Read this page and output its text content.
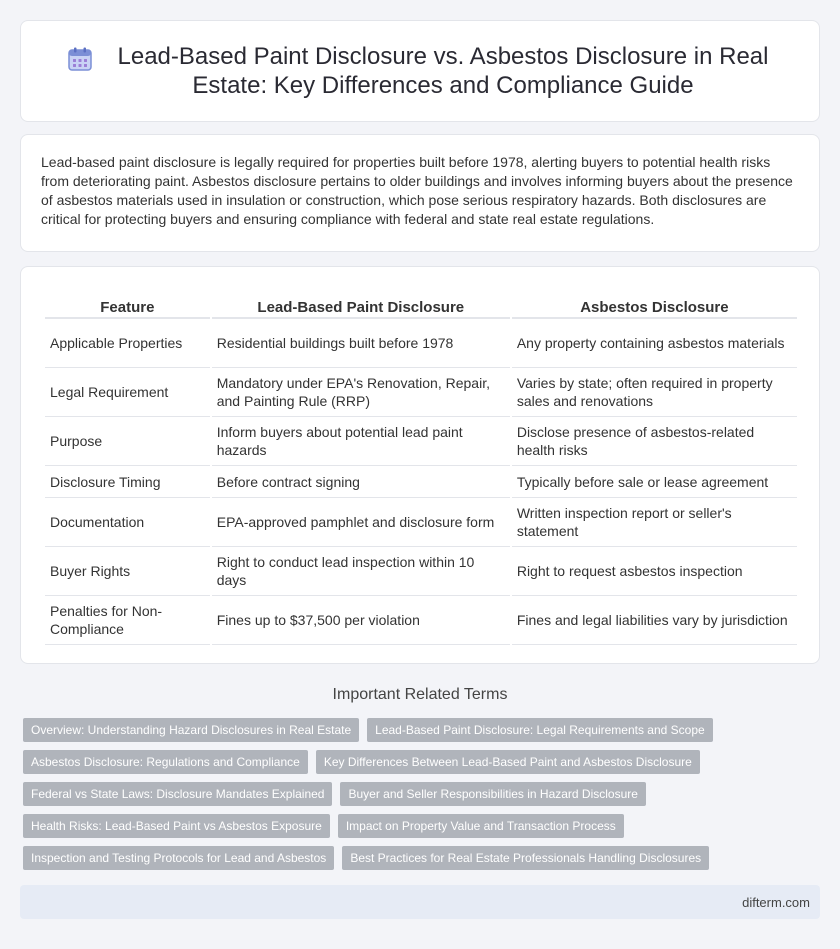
Lead-Based Paint Disclosure vs. Asbestos Disclosure in Real Estate: Key Differences and Compliance Guide

Lead-based paint disclosure is legally required for properties built before 1978, alerting buyers to potential health risks from deteriorating paint. Asbestos disclosure pertains to older buildings and involves informing buyers about the presence of asbestos materials used in insulation or construction, which pose serious respiratory hazards. Both disclosures are critical for protecting buyers and ensuring compliance with federal and state real estate regulations.

Feature	Lead-Based Paint Disclosure	Asbestos Disclosure
Applicable Properties	Residential buildings built before 1978	Any property containing asbestos materials
Legal Requirement	Mandatory under EPA's Renovation, Repair, and Painting Rule (RRP)	Varies by state; often required in property sales and renovations
Purpose	Inform buyers about potential lead paint hazards	Disclose presence of asbestos-related health risks
Disclosure Timing	Before contract signing	Typically before sale or lease agreement
Documentation	EPA-approved pamphlet and disclosure form	Written inspection report or seller's statement
Buyer Rights	Right to conduct lead inspection within 10 days	Right to request asbestos inspection
Penalties for Non-Compliance	Fines up to $37,500 per violation	Fines and legal liabilities vary by jurisdiction
Important Related Terms
Overview: Understanding Hazard Disclosures in Real Estate	Lead-Based Paint Disclosure: Legal Requirements and Scope
Asbestos Disclosure: Regulations and Compliance	Key Differences Between Lead-Based Paint and Asbestos Disclosure
Federal vs State Laws: Disclosure Mandates Explained	Buyer and Seller Responsibilities in Hazard Disclosure
Health Risks: Lead-Based Paint vs Asbestos Exposure	Impact on Property Value and Transaction Process
Inspection and Testing Protocols for Lead and Asbestos	Best Practices for Real Estate Professionals Handling Disclosures
difterm.com
